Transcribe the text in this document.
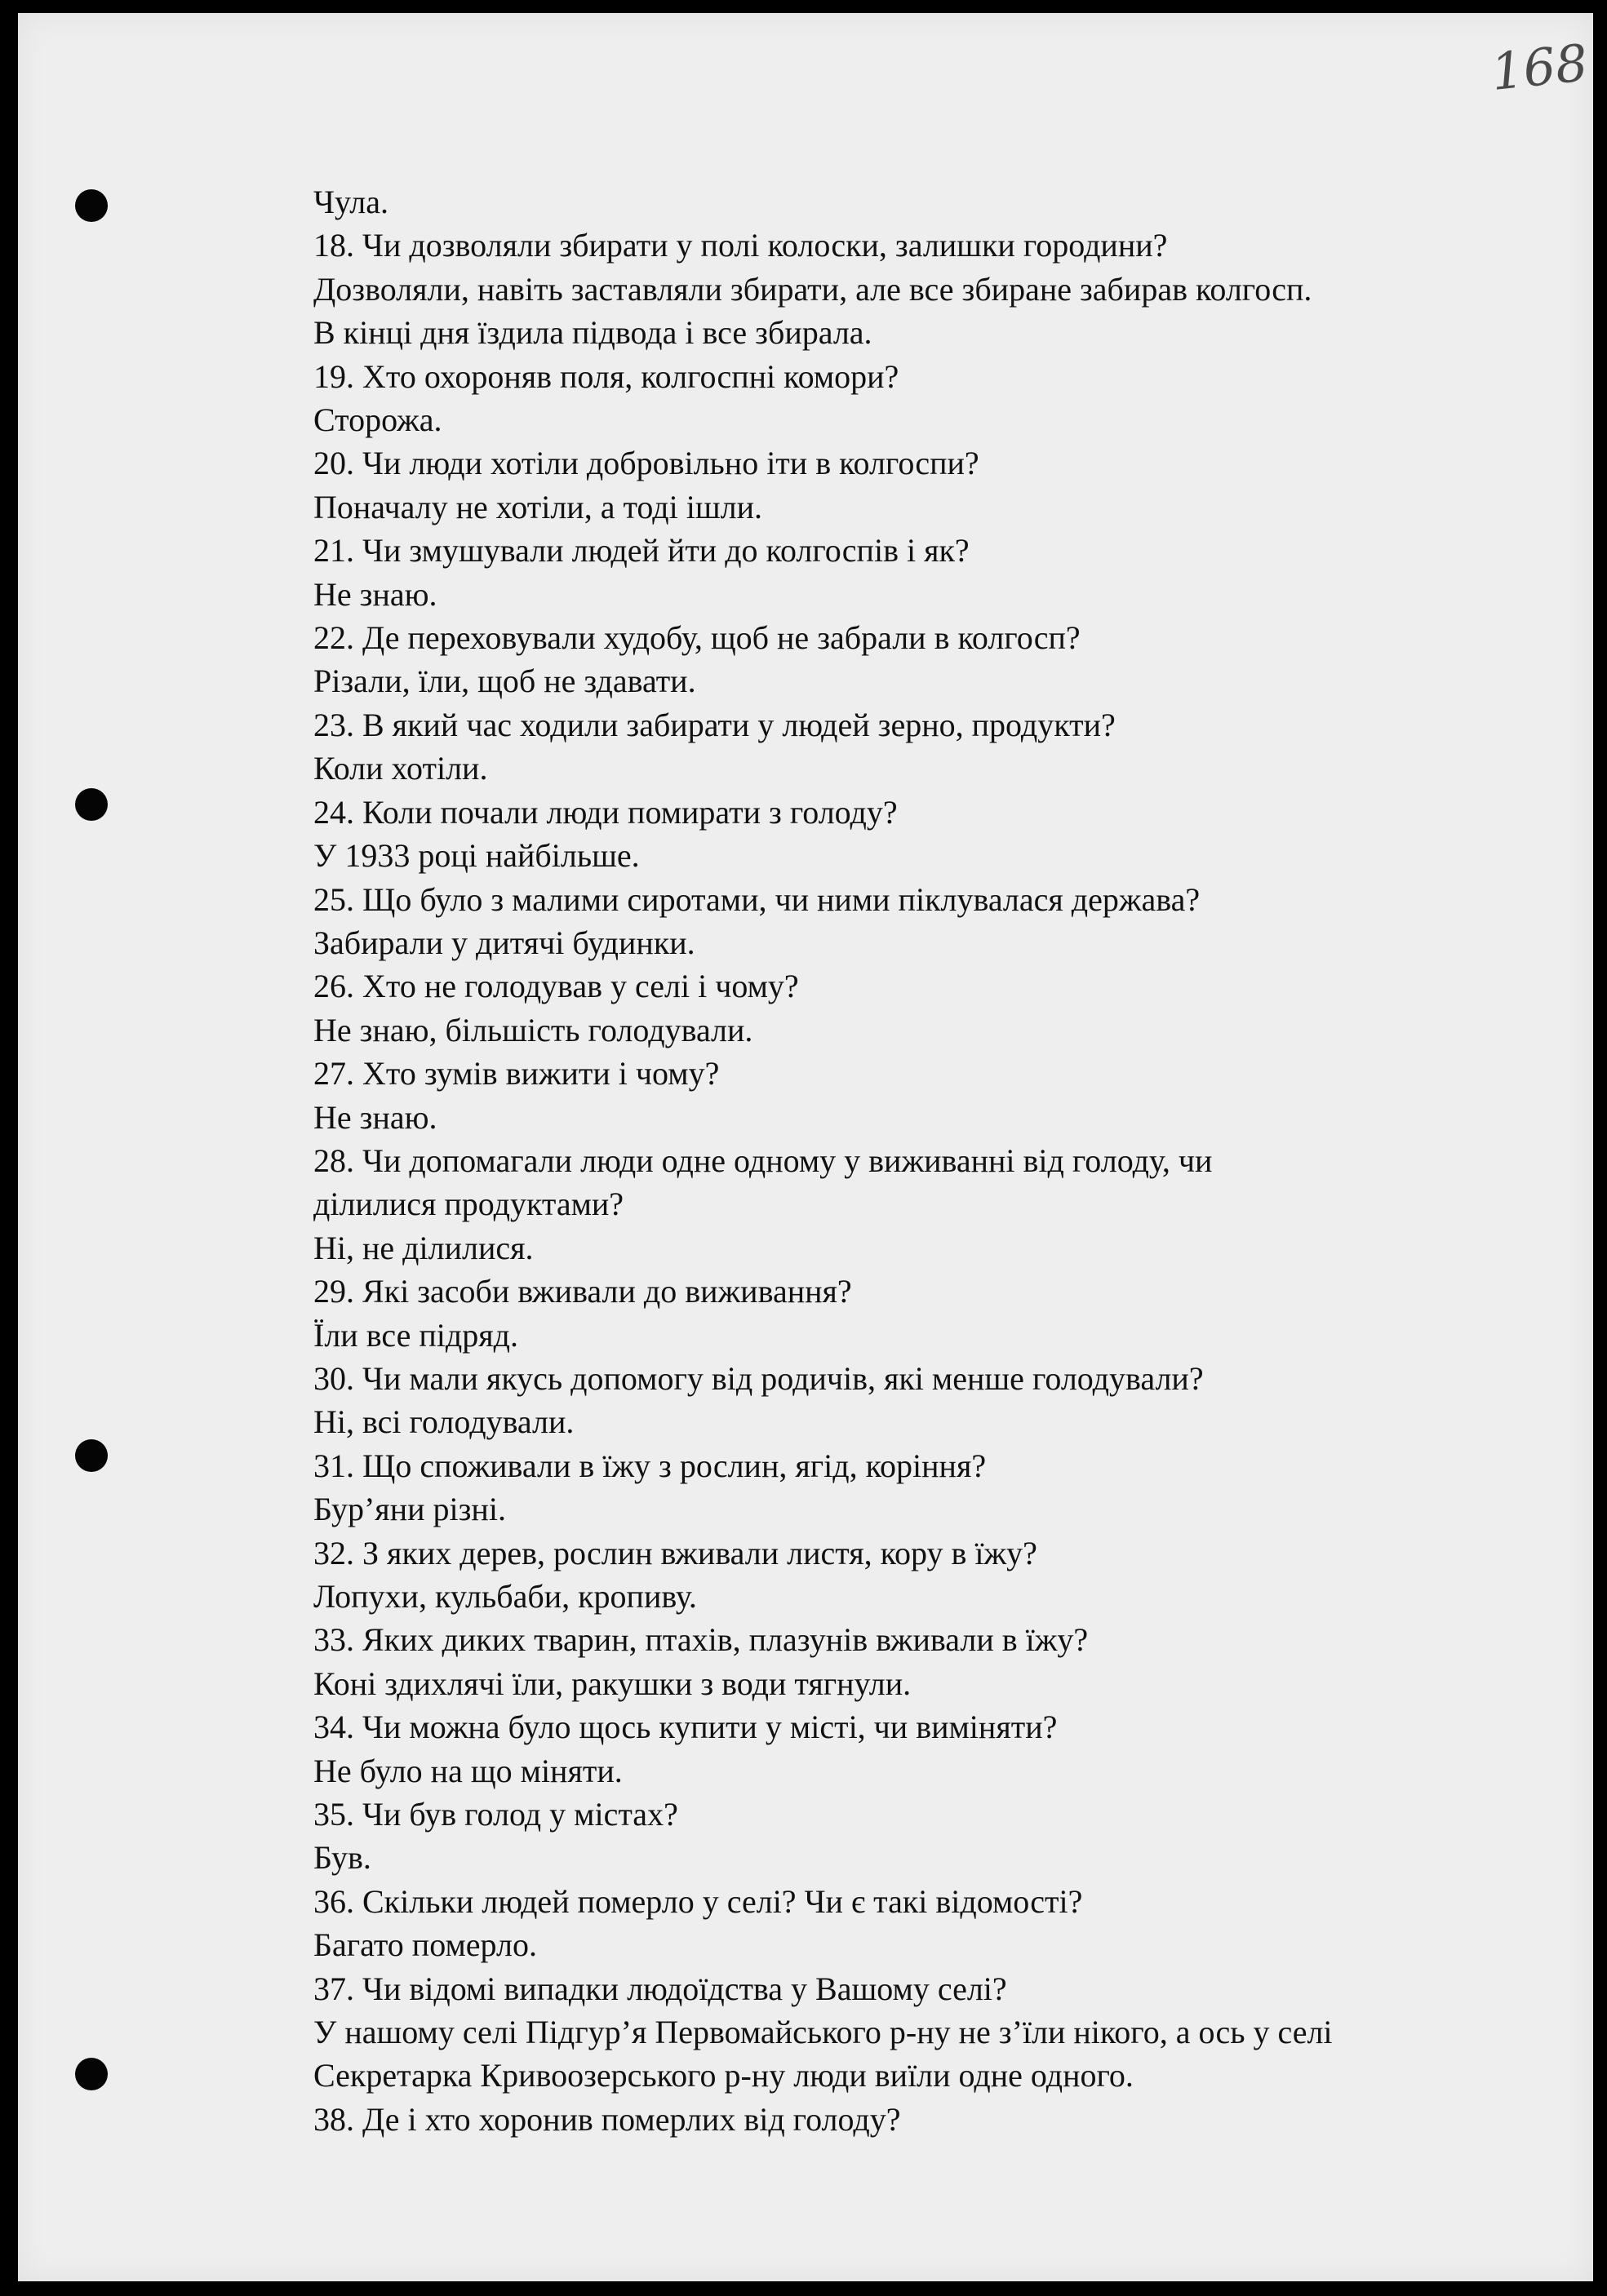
168
Чула.
18. Чи дозволяли збирати у полі колоски, залишки городини?
Дозволяли, навіть заставляли збирати, але все збиране забирав колгосп.
В кінці дня їздила підвода і все збирала.
19. Хто охороняв поля, колгоспні комори?
Сторожа.
20. Чи люди хотіли добровільно іти в колгоспи?
Поначалу не хотіли, а тоді ішли.
21. Чи змушували людей йти до колгоспів і як?
Не знаю.
22. Де переховували худобу, щоб не забрали в колгосп?
Різали, їли, щоб не здавати.
23. В який час ходили забирати у людей зерно, продукти?
Коли хотіли.
24. Коли почали люди помирати з голоду?
У 1933 році найбільше.
25. Що було з малими сиротами, чи ними піклувалася держава?
Забирали у дитячі будинки.
26. Хто не голодував у селі і чому?
Не знаю, більшість голодували.
27. Хто зумів вижити і чому?
Не знаю.
28. Чи допомагали люди одне одному у виживанні від голоду, чи
ділилися продуктами?
Ні, не ділилися.
29. Які засоби вживали до виживання?
Їли все підряд.
30. Чи мали якусь допомогу від родичів, які менше голодували?
Ні, всі голодували.
31. Що споживали в їжу з рослин, ягід, коріння?
Бур’яни різні.
32. З яких дерев, рослин вживали листя, кору в їжу?
Лопухи, кульбаби, кропиву.
33. Яких диких тварин, птахів, плазунів вживали в їжу?
Коні здихлячі їли, ракушки з води тягнули.
34. Чи можна було щось купити у місті, чи виміняти?
Не було на що міняти.
35. Чи був голод у містах?
Був.
36. Скільки людей померло у селі? Чи є такі відомості?
Багато померло.
37. Чи відомі випадки людоїдства у Вашому селі?
У нашому селі Підгур’я Первомайського р-ну не з’їли нікого, а ось у селі
Секретарка Кривоозерського р-ну люди виїли одне одного.
38. Де і хто хоронив померлих від голоду?
